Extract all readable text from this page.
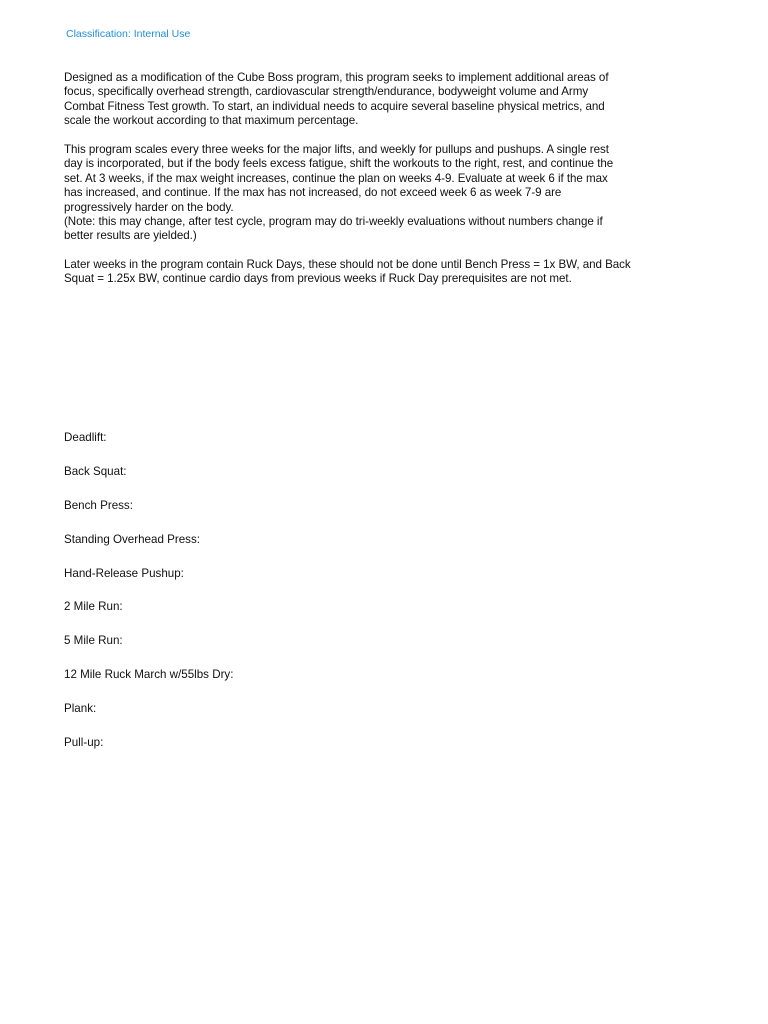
Classification: Internal Use
Designed as a modification of the Cube Boss program, this program seeks to implement additional areas of
focus, specifically overhead strength, cardiovascular strength/endurance, bodyweight volume and Army
Combat Fitness Test growth. To start, an individual needs to acquire several baseline physical metrics, and
scale the workout according to that maximum percentage.
This program scales every three weeks for the major lifts, and weekly for pullups and pushups. A single rest
day is incorporated, but if the body feels excess fatigue, shift the workouts to the right, rest, and continue the
set. At 3 weeks, if the max weight increases, continue the plan on weeks 4-9. Evaluate at week 6 if the max
has increased, and continue. If the max has not increased, do not exceed week 6 as week 7-9 are
progressively harder on the body.
(Note: this may change, after test cycle, program may do tri-weekly evaluations without numbers change if
better results are yielded.)
Later weeks in the program contain Ruck Days, these should not be done until Bench Press = 1x BW, and Back
Squat = 1.25x BW, continue cardio days from previous weeks if Ruck Day prerequisites are not met.
Deadlift:
Back Squat:
Bench Press:
Standing Overhead Press:
Hand-Release Pushup:
2 Mile Run:
5 Mile Run:
12 Mile Ruck March w/55lbs Dry:
Plank:
Pull-up:
